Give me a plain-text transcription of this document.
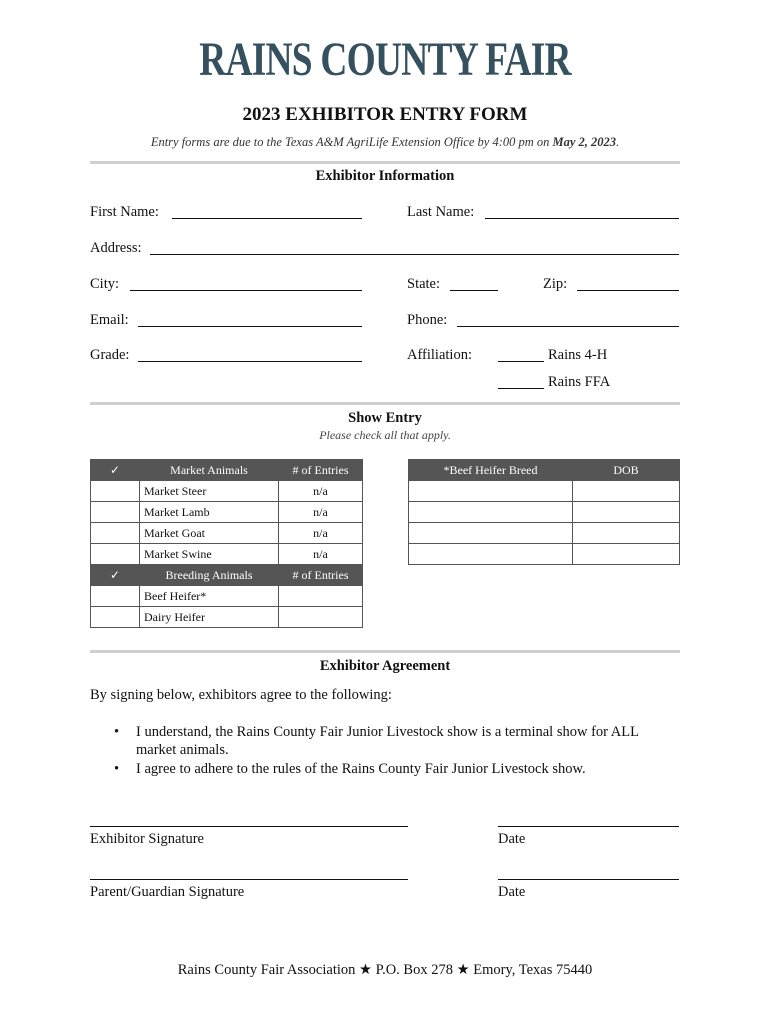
RAINS COUNTY FAIR
2023 EXHIBITOR ENTRY FORM
Entry forms are due to the Texas A&M AgriLife Extension Office by 4:00 pm on May 2, 2023.
Exhibitor Information
First Name:	Last Name:
Address:
City:	State:	Zip:
Email:	Phone:
Grade:	Affiliation:	Rains 4-H
Rains FFA
Show Entry
Please check all that apply.
✓	Market Animals	# of Entries
	Market Steer	n/a
	Market Lamb	n/a
	Market Goat	n/a
	Market Swine	n/a
✓	Breeding Animals	# of Entries
	Beef Heifer*	
	Dairy Heifer	
*Beef Heifer Breed	DOB

Exhibitor Agreement
By signing below, exhibitors agree to the following:
• I understand, the Rains County Fair Junior Livestock show is a terminal show for ALL market animals.
• I agree to adhere to the rules of the Rains County Fair Junior Livestock show.
Exhibitor Signature	Date
Parent/Guardian Signature	Date
Rains County Fair Association ★ P.O. Box 278 ★ Emory, Texas 75440
